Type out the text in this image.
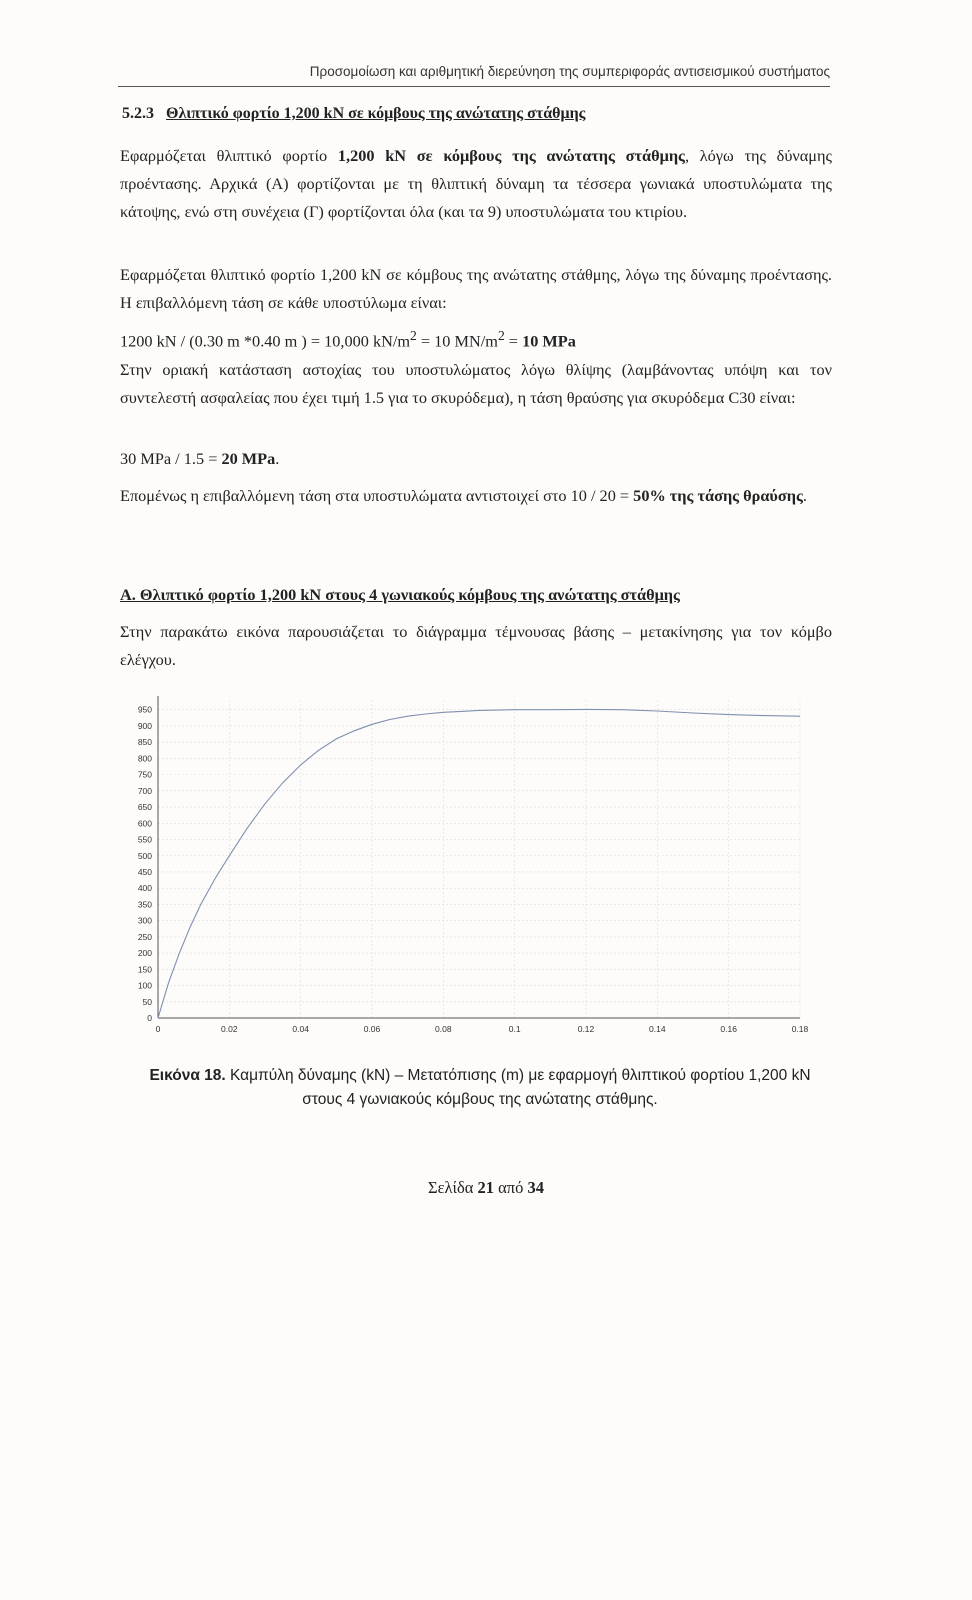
Προσομοίωση και αριθμητική διερεύνηση της συμπεριφοράς αντισεισμικού συστήματος
5.2.3 Θλιπτικό φορτίο 1,200 kN σε κόμβους της ανώτατης στάθμης
Εφαρμόζεται θλιπτικό φορτίο 1,200 kN σε κόμβους της ανώτατης στάθμης, λόγω της δύναμης προέντασης. Αρχικά (Α) φορτίζονται με τη θλιπτική δύναμη τα τέσσερα γωνιακά υποστυλώματα της κάτοψης, ενώ στη συνέχεια (Γ) φορτίζονται όλα (και τα 9) υποστυλώματα του κτιρίου.
Εφαρμόζεται θλιπτικό φορτίο 1,200 kN σε κόμβους της ανώτατης στάθμης, λόγω της δύναμης προέντασης. Η επιβαλλόμενη τάση σε κάθε υποστύλωμα είναι:
1200 kN / (0.30 m *0.40 m ) = 10,000 $kN/m^2 = 10$ $MN/m^2 = 10$ MPa
Στην οριακή κατάσταση αστοχίας του υποστυλώματος λόγω θλίψης (λαμβάνοντας υπόψη και τον συντελεστή ασφαλείας που έχει τιμή 1.5 για το σκυρόδεμα), η τάση θραύσης για σκυρόδεμα C30 είναι:
30 MPa / 1.5 = 20 MPa.
Επομένως η επιβαλλόμενη τάση στα υποστυλώματα αντιστοιχεί στο 10 / 20 = 50% της τάσης θραύσης.
Α. Θλιπτικό φορτίο 1,200 kN στους 4 γωνιακούς κόμβους της ανώτατης στάθμης
Στην παρακάτω εικόνα παρουσιάζεται το διάγραμμα τέμνουσας βάσης – μετακίνησης για τον κόμβο ελέγχου.
0
50
100
150
200
250
300
350
400
450
500
550
600
650
700
750
800
850
900
950
0	0.02	0.04	0.06	0.08	0.1	0.12	0.14	0.16	0.18
Εικόνα 18. Καμπύλη δύναμης (kN) – Μετατόπισης (m) με εφαρμογή θλιπτικού φορτίου 1,200 kN στους 4 γωνιακούς κόμβους της ανώτατης στάθμης.
Σελίδα 21 από 34
